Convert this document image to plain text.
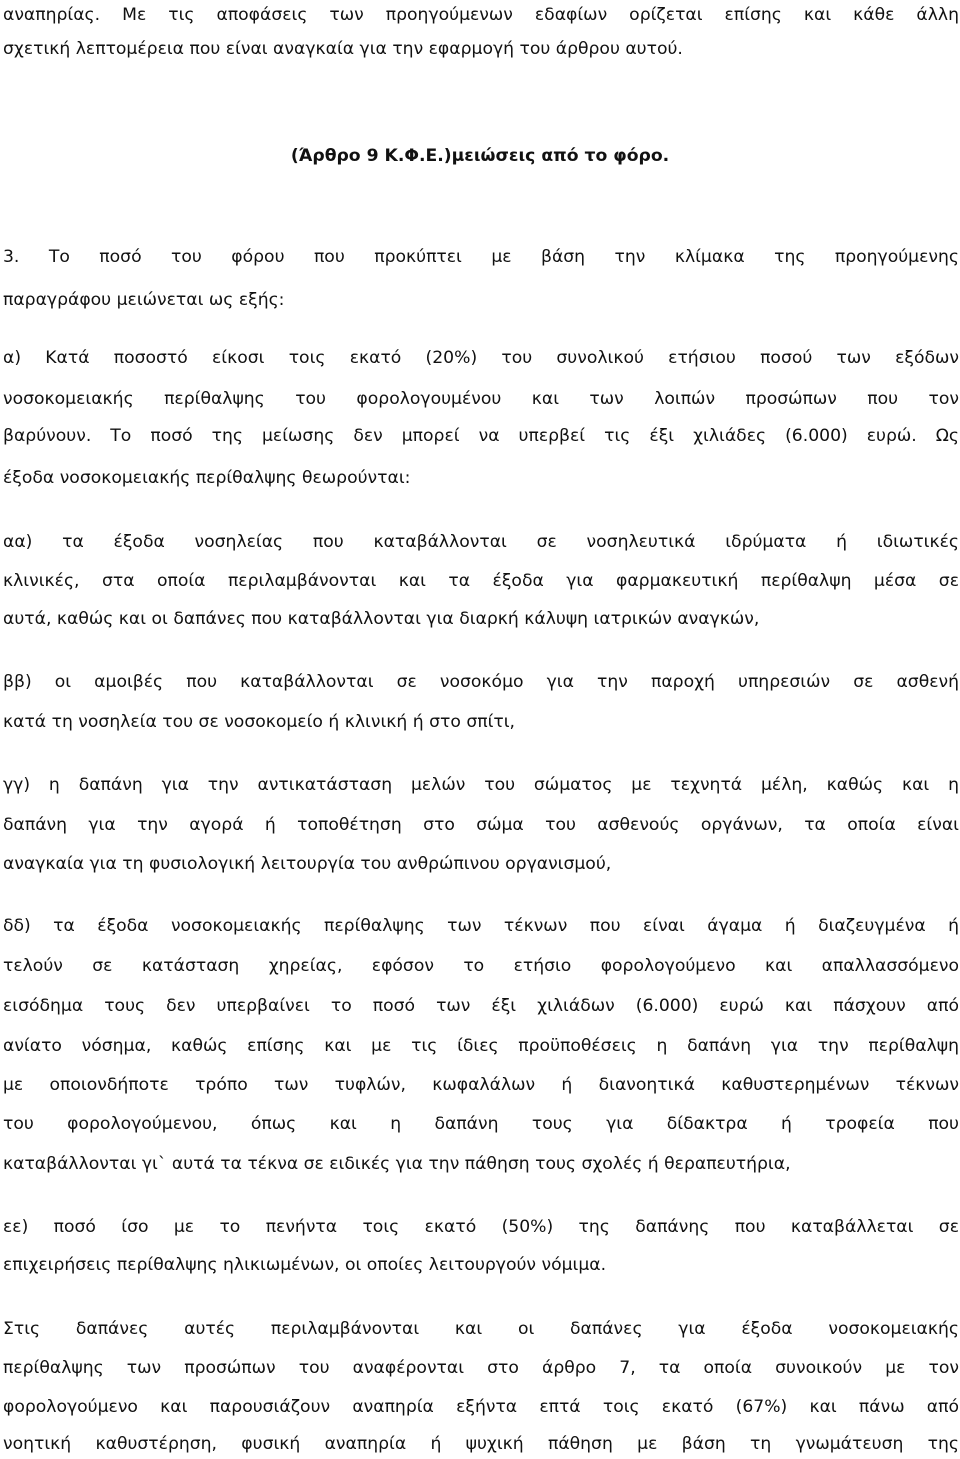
αναπηρίας. Με τις αποφάσεις των προηγούμενων εδαφίων ορίζεται επίσης και κάθε άλλη
σχετική λεπτομέρεια που είναι αναγκαία για την εφαρμογή του άρθρου αυτού.
(Άρθρο 9 Κ.Φ.Ε.)μειώσεις από το φόρο.
3. Το ποσό του φόρου που προκύπτει με βάση την κλίμακα της προηγούμενης
παραγράφου μειώνεται ως εξής:
α) Κατά ποσοστό είκοσι τοις εκατό (20%) του συνολικού ετήσιου ποσού των εξόδων
νοσοκομειακής περίθαλψης του φορολογουμένου και των λοιπών προσώπων που τον
βαρύνουν. Το ποσό της μείωσης δεν μπορεί να υπερβεί τις έξι χιλιάδες (6.000) ευρώ. Ως
έξοδα νοσοκομειακής περίθαλψης θεωρούνται:
αα) τα έξοδα νοσηλείας που καταβάλλονται σε νοσηλευτικά ιδρύματα ή ιδιωτικές
κλινικές, στα οποία περιλαμβάνονται και τα έξοδα για φαρμακευτική περίθαλψη μέσα σε
αυτά, καθώς και οι δαπάνες που καταβάλλονται για διαρκή κάλυψη ιατρικών αναγκών,
ββ) οι αμοιβές που καταβάλλονται σε νοσοκόμο για την παροχή υπηρεσιών σε ασθενή
κατά τη νοσηλεία του σε νοσοκομείο ή κλινική ή στο σπίτι,
γγ) η δαπάνη για την αντικατάσταση μελών του σώματος με τεχνητά μέλη, καθώς και η
δαπάνη για την αγορά ή τοποθέτηση στο σώμα του ασθενούς οργάνων, τα οποία είναι
αναγκαία για τη φυσιολογική λειτουργία του ανθρώπινου οργανισμού,
δδ) τα έξοδα νοσοκομειακής περίθαλψης των τέκνων που είναι άγαμα ή διαζευγμένα ή
τελούν σε κατάσταση χηρείας, εφόσον το ετήσιο φορολογούμενο και απαλλασσόμενο
εισόδημα τους δεν υπερβαίνει το ποσό των έξι χιλιάδων (6.000) ευρώ και πάσχουν από
ανίατο νόσημα, καθώς επίσης και με τις ίδιες προϋποθέσεις η δαπάνη για την περίθαλψη
με οποιονδήποτε τρόπο των τυφλών, κωφαλάλων ή διανοητικά καθυστερημένων τέκνων
του φορολογούμενου, όπως και η δαπάνη τους για δίδακτρα ή τροφεία που
καταβάλλονται γι` αυτά τα τέκνα σε ειδικές για την πάθηση τους σχολές ή θεραπευτήρια,
εε) ποσό ίσο με το πενήντα τοις εκατό (50%) της δαπάνης που καταβάλλεται σε
επιχειρήσεις περίθαλψης ηλικιωμένων, οι οποίες λειτουργούν νόμιμα.
Στις δαπάνες αυτές περιλαμβάνονται και οι δαπάνες για έξοδα νοσοκομειακής
περίθαλψης των προσώπων του αναφέρονται στο άρθρο 7, τα οποία συνοικούν με τον
φορολογούμενο και παρουσιάζουν αναπηρία εξήντα επτά τοις εκατό (67%) και πάνω από
νοητική καθυστέρηση, φυσική αναπηρία ή ψυχική πάθηση με βάση τη γνωμάτευση της
